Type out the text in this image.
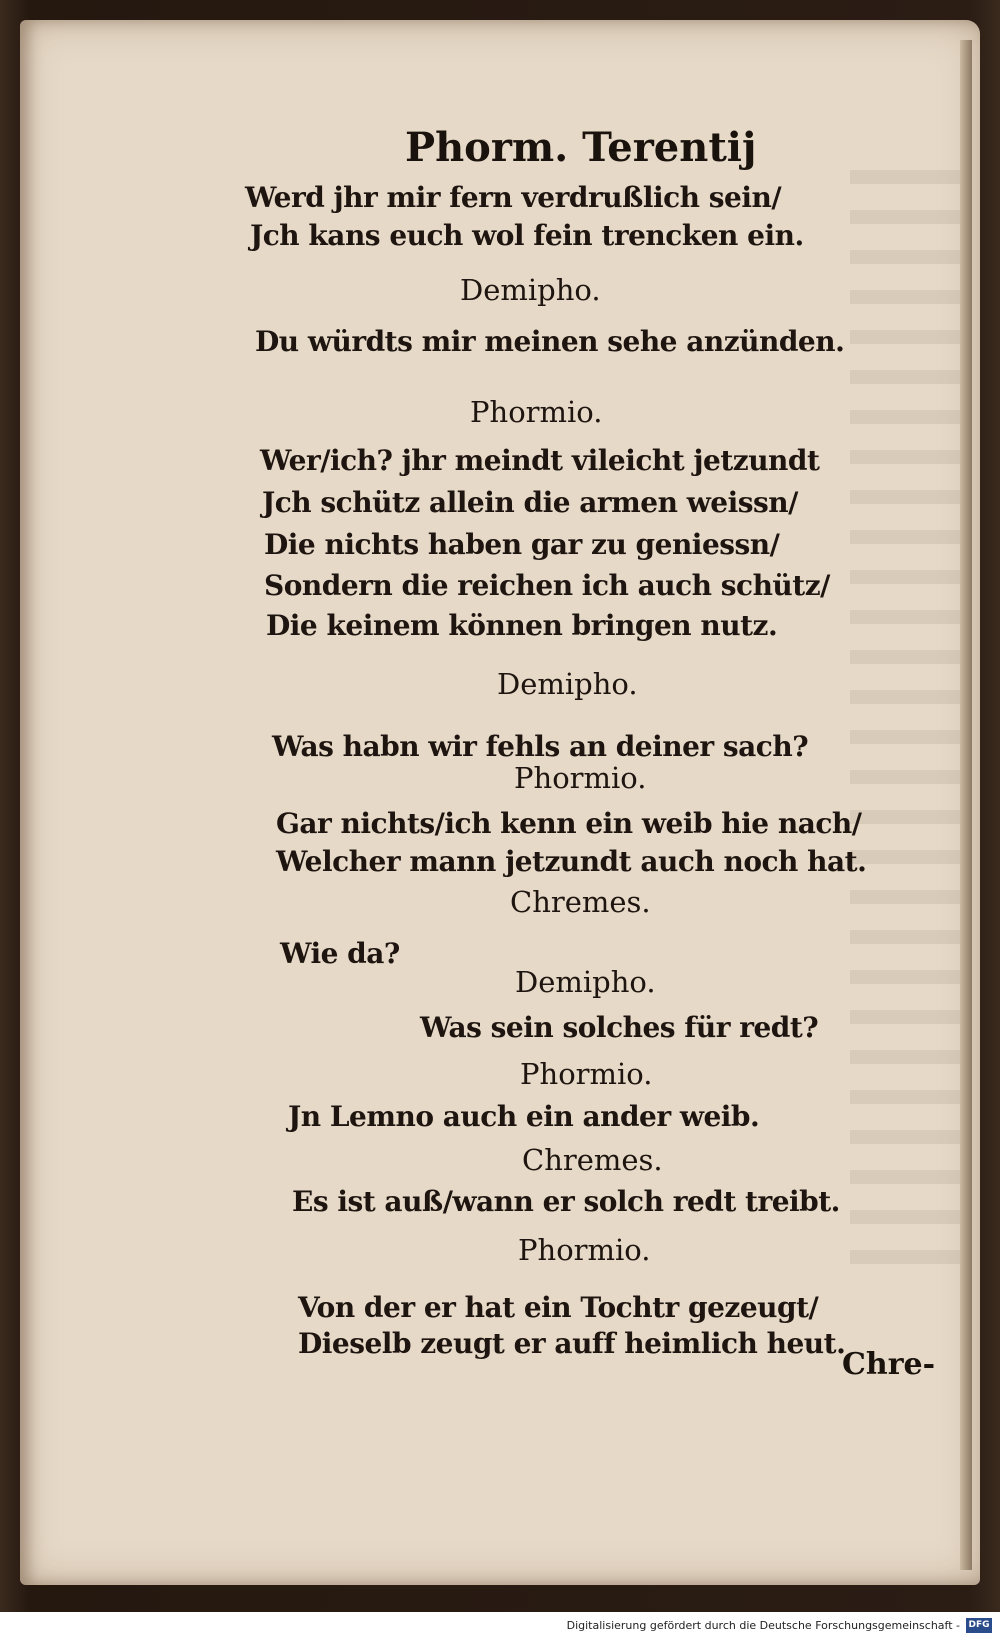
Phorm. Terentij
Werd jhr mir fern verdrußlich sein/
Jch kans euch wol fein trencken ein.
Demipho.
Du würdts mir meinen sehe anzünden.
Phormio.
Wer/ich? jhr meindt vileicht jetzundt
Jch schütz allein die armen weissn/
Die nichts haben gar zu geniessn/
Sondern die reichen ich auch schütz/
Die keinem können bringen nutz.
Demipho.
Was habn wir fehls an deiner sach?
Phormio.
Gar nichts/ich kenn ein weib hie nach/
Welcher mann jetzundt auch noch hat.
Chremes.
Wie da?
Demipho.
Was sein solches für redt?
Phormio.
Jn Lemno auch ein ander weib.
Chremes.
Es ist auß/wann er solch redt treibt.
Phormio.
Von der er hat ein Tochtr gezeugt/
Dieselb zeugt er auff heimlich heut.
Chre-
Digitalisierung gefördert durch die Deutsche Forschungsgemeinschaft - DFG
